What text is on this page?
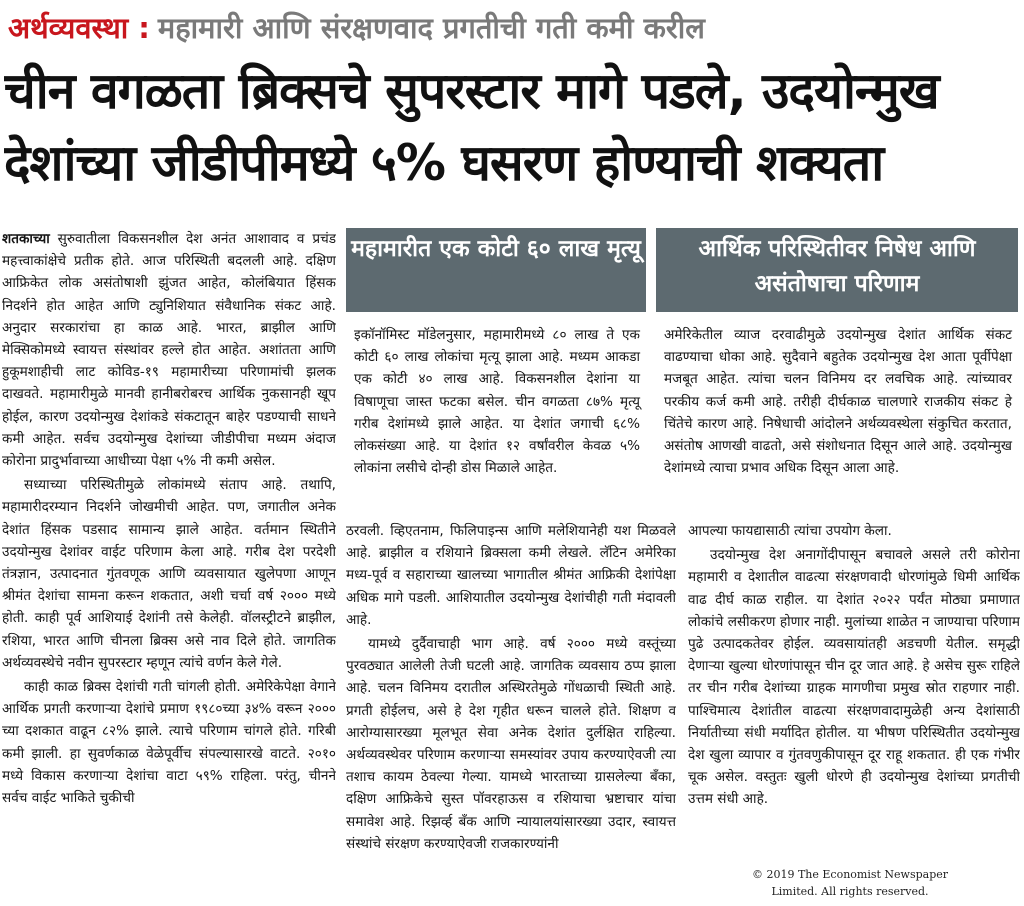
अर्थव्यवस्था : महामारी आणि संरक्षणवाद प्रगतीची गती कमी करील
चीन वगळता ब्रिक्सचे सुपरस्टार मागे पडले, उदयोन्मुख
देशांच्या जीडीपीमध्ये ५% घसरण होण्याची शक्यता

शतकाच्या सुरुवातीला विकसनशील देश अनंत आशावाद व प्रचंड महत्त्वाकांक्षेचे प्रतीक होते. आज परिस्थिती बदलली आहे. दक्षिण आफ्रिकेत लोक असंतोषाशी झुंजत आहेत, कोलंबियात हिंसक निदर्शने होत आहेत आणि ट्युनिशियात संवैधानिक संकट आहे. अनुदार सरकारांचा हा काळ आहे. भारत, ब्राझील आणि मेक्सिकोमध्ये स्वायत्त संस्थांवर हल्ले होत आहेत. अशांतता आणि हुकूमशाहीची लाट कोविड-१९ महामारीच्या परिणामांची झलक दाखवते. महामारीमुळे मानवी हानीबरोबरच आर्थिक नुकसानही खूप होईल, कारण उदयोन्मुख देशांकडे संकटातून बाहेर पडण्याची साधने कमी आहेत. सर्वच उदयोन्मुख देशांच्या जीडीपीचा मध्यम अंदाज कोरोना प्रादुर्भावाच्या आधीच्या पेक्षा ५% नी कमी असेल.

सध्याच्या परिस्थितीमुळे लोकांमध्ये संताप आहे. तथापि, महामारीदरम्यान निदर्शने जोखमीची आहेत. पण, जगातील अनेक देशांत हिंसक पडसाद सामान्य झाले आहेत. वर्तमान स्थितीने उदयोन्मुख देशांवर वाईट परिणाम केला आहे. गरीब देश परदेशी तंत्रज्ञान, उत्पादनात गुंतवणूक आणि व्यवसायात खुलेपणा आणून श्रीमंत देशांचा सामना करून शकतात, अशी चर्चा वर्ष २००० मध्ये होती. काही पूर्व आशियाई देशांनी तसे केलेही. वॉलस्ट्रीटने ब्राझील, रशिया, भारत आणि चीनला ब्रिक्स असे नाव दिले होते. जागतिक अर्थव्यवस्थेचे नवीन सुपरस्टार म्हणून त्यांचे वर्णन केले गेले.

काही काळ ब्रिक्स देशांची गती चांगली होती. अमेरिकेपेक्षा वेगाने आर्थिक प्रगती करणाऱ्या देशांचे प्रमाण १९८०च्या ३४% वरून २००० च्या दशकात वाढून ८२% झाले. त्याचे परिणाम चांगले होते. गरिबी कमी झाली. हा सुवर्णकाळ वेळेपूर्वीच संपल्यासारखे वाटते. २०१० मध्ये विकास करणाऱ्या देशांचा वाटा ५९% राहिला. परंतु, चीनने सर्वच वाईट भाकिते चुकीची

महामारीत एक कोटी ६० लाख मृत्यू
इकॉनॉमिस्ट मॉडेलनुसार, महामारीमध्ये ८० लाख ते एक कोटी ६० लाख लोकांचा मृत्यू झाला आहे. मध्यम आकडा एक कोटी ४० लाख आहे. विकसनशील देशांना या विषाणूचा जास्त फटका बसेल. चीन वगळता ८७% मृत्यू गरीब देशांमध्ये झाले आहेत. या देशांत जगाची ६८% लोकसंख्या आहे. या देशांत १२ वर्षांवरील केवळ ५% लोकांना लसीचे दोन्ही डोस मिळाले आहेत.
आर्थिक परिस्थितीवर निषेध आणि असंतोषाचा परिणाम
अमेरिकेतील व्याज दरवाढीमुळे उदयोन्मुख देशांत आर्थिक संकट वाढण्याचा धोका आहे. सुदैवाने बहुतेक उदयोन्मुख देश आता पूर्वीपेक्षा मजबूत आहेत. त्यांचा चलन विनिमय दर लवचिक आहे. त्यांच्यावर परकीय कर्ज कमी आहे. तरीही दीर्घकाळ चालणारे राजकीय संकट हे चिंतेचे कारण आहे. निषेधाची आंदोलने अर्थव्यवस्थेला संकुचित करतात, असंतोष आणखी वाढतो, असे संशोधनात दिसून आले आहे. उदयोन्मुख देशांमध्ये त्याचा प्रभाव अधिक दिसून आला आहे.

ठरवली. व्हिएतनाम, फिलिपाइन्स आणि मलेशियानेही यश मिळवले आहे. ब्राझील व रशियाने ब्रिक्सला कमी लेखले. लॅटिन अमेरिका मध्य-पूर्व व सहाराच्या खालच्या भागातील श्रीमंत आफ्रिकी देशांपेक्षा अधिक मागे पडली. आशियातील उदयोन्मुख देशांचीही गती मंदावली आहे.

यामध्ये दुर्दैवाचाही भाग आहे. वर्ष २००० मध्ये वस्तूंच्या पुरवठ्यात आलेली तेजी घटली आहे. जागतिक व्यवसाय ठप्प झाला आहे. चलन विनिमय दरातील अस्थिरतेमुळे गोंधळाची स्थिती आहे. प्रगती होईलच, असे हे देश गृहीत धरून चालले होते. शिक्षण व आरोग्यासारख्या मूलभूत सेवा अनेक देशांत दुर्लक्षित राहिल्या. अर्थव्यवस्थेवर परिणाम करणाऱ्या समस्यांवर उपाय करण्याऐवजी त्या तशाच कायम ठेवल्या गेल्या. यामध्ये भारताच्या ग्रासलेल्या बँका, दक्षिण आफ्रिकेचे सुस्त पॉवरहाऊस व रशियाचा भ्रष्टाचार यांचा समावेश आहे. रिझर्व्ह बँक आणि न्यायालयांसारख्या उदार, स्वायत्त संस्थांचे संरक्षण करण्याऐवजी राजकारण्यांनी

आपल्या फायद्यासाठी त्यांचा उपयोग केला.

उदयोन्मुख देश अनागोंदीपासून बचावले असले तरी कोरोना महामारी व देशातील वाढत्या संरक्षणवादी धोरणांमुळे धिमी आर्थिक वाढ दीर्घ काळ राहील. या देशांत २०२२ पर्यंत मोठ्या प्रमाणात लोकांचे लसीकरण होणार नाही. मुलांच्या शाळेत न जाण्याचा परिणाम पुढे उत्पादकतेवर होईल. व्यवसायांतही अडचणी येतील. समृद्धी देणाऱ्या खुल्या धोरणांपासून चीन दूर जात आहे. हे असेच सुरू राहिले तर चीन गरीब देशांच्या ग्राहक मागणीचा प्रमुख स्रोत राहणार नाही. पाश्चिमात्य देशांतील वाढत्या संरक्षणवादामुळेही अन्य देशांसाठी निर्यातीच्या संधी मर्यादित होतील. या भीषण परिस्थितीत उदयोन्मुख देश खुला व्यापार व गुंतवणुकीपासून दूर राहू शकतात. ही एक गंभीर चूक असेल. वस्तुतः खुली धोरणे ही उदयोन्मुख देशांच्या प्रगतीची उत्तम संधी आहे.

© 2019 The Economist Newspaper
Limited. All rights reserved.
